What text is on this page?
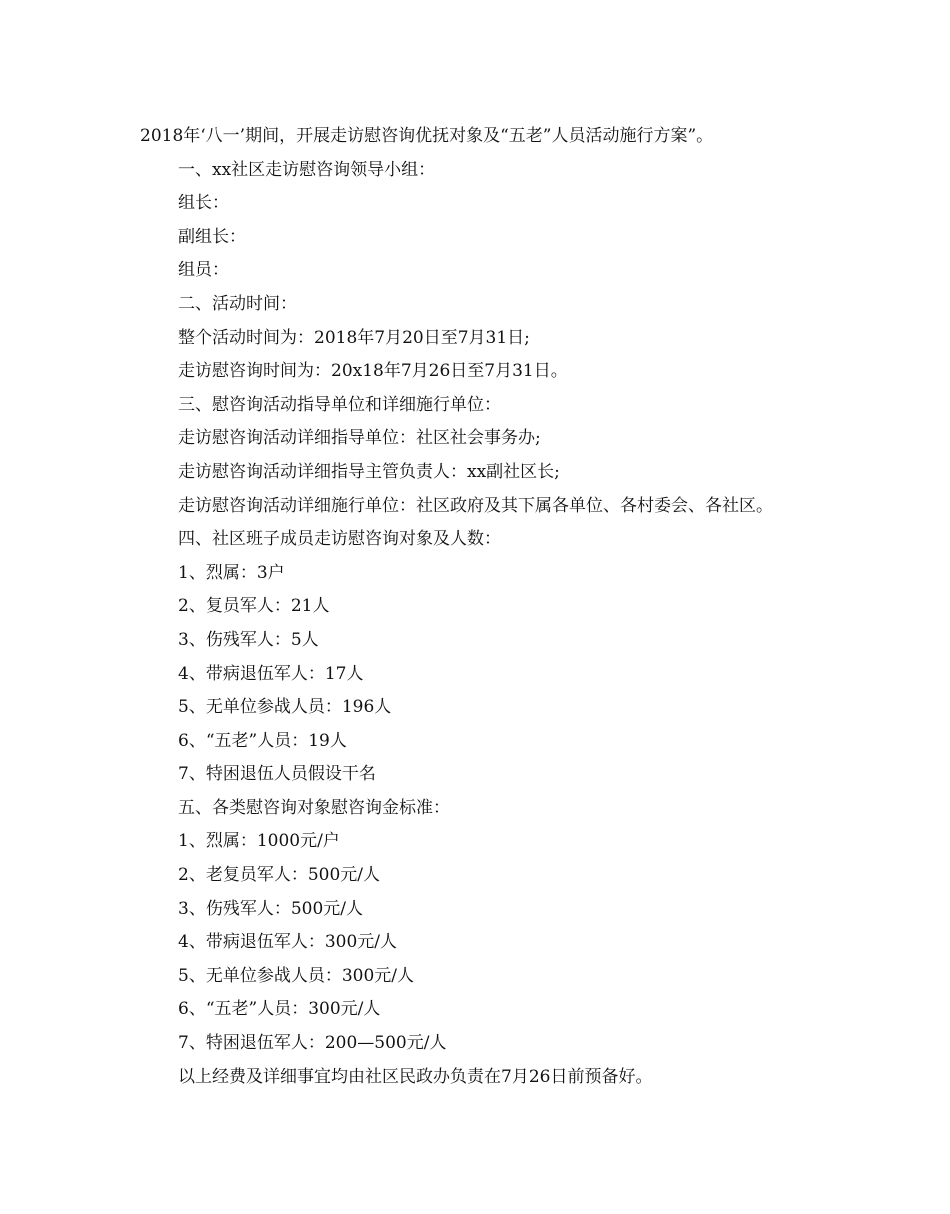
2018年‘八一’期间，开展走访慰咨询优抚对象及“五老”人员活动施行方案”。

一、xx社区走访慰咨询领导小组：

组长：

副组长：

组员：

二、活动时间：

整个活动时间为：2018年7月20日至7月31日;

走访慰咨询时间为：20x18年7月26日至7月31日。

三、慰咨询活动指导单位和详细施行单位：

走访慰咨询活动详细指导单位：社区社会事务办;

走访慰咨询活动详细指导主管负责人：xx副社区长;

走访慰咨询活动详细施行单位：社区政府及其下属各单位、各村委会、各社区。

四、社区班子成员走访慰咨询对象及人数：

1、烈属：3户

2、复员军人：21人

3、伤残军人：5人

4、带病退伍军人：17人

5、无单位参战人员：196人

6、“五老”人员：19人

7、特困退伍人员假设干名

五、各类慰咨询对象慰咨询金标准：

1、烈属：1000元/户

2、老复员军人：500元/人

3、伤残军人：500元/人

4、带病退伍军人：300元/人

5、无单位参战人员：300元/人

6、“五老”人员：300元/人

7、特困退伍军人：200—500元/人

以上经费及详细事宜均由社区民政办负责在7月26日前预备好。
